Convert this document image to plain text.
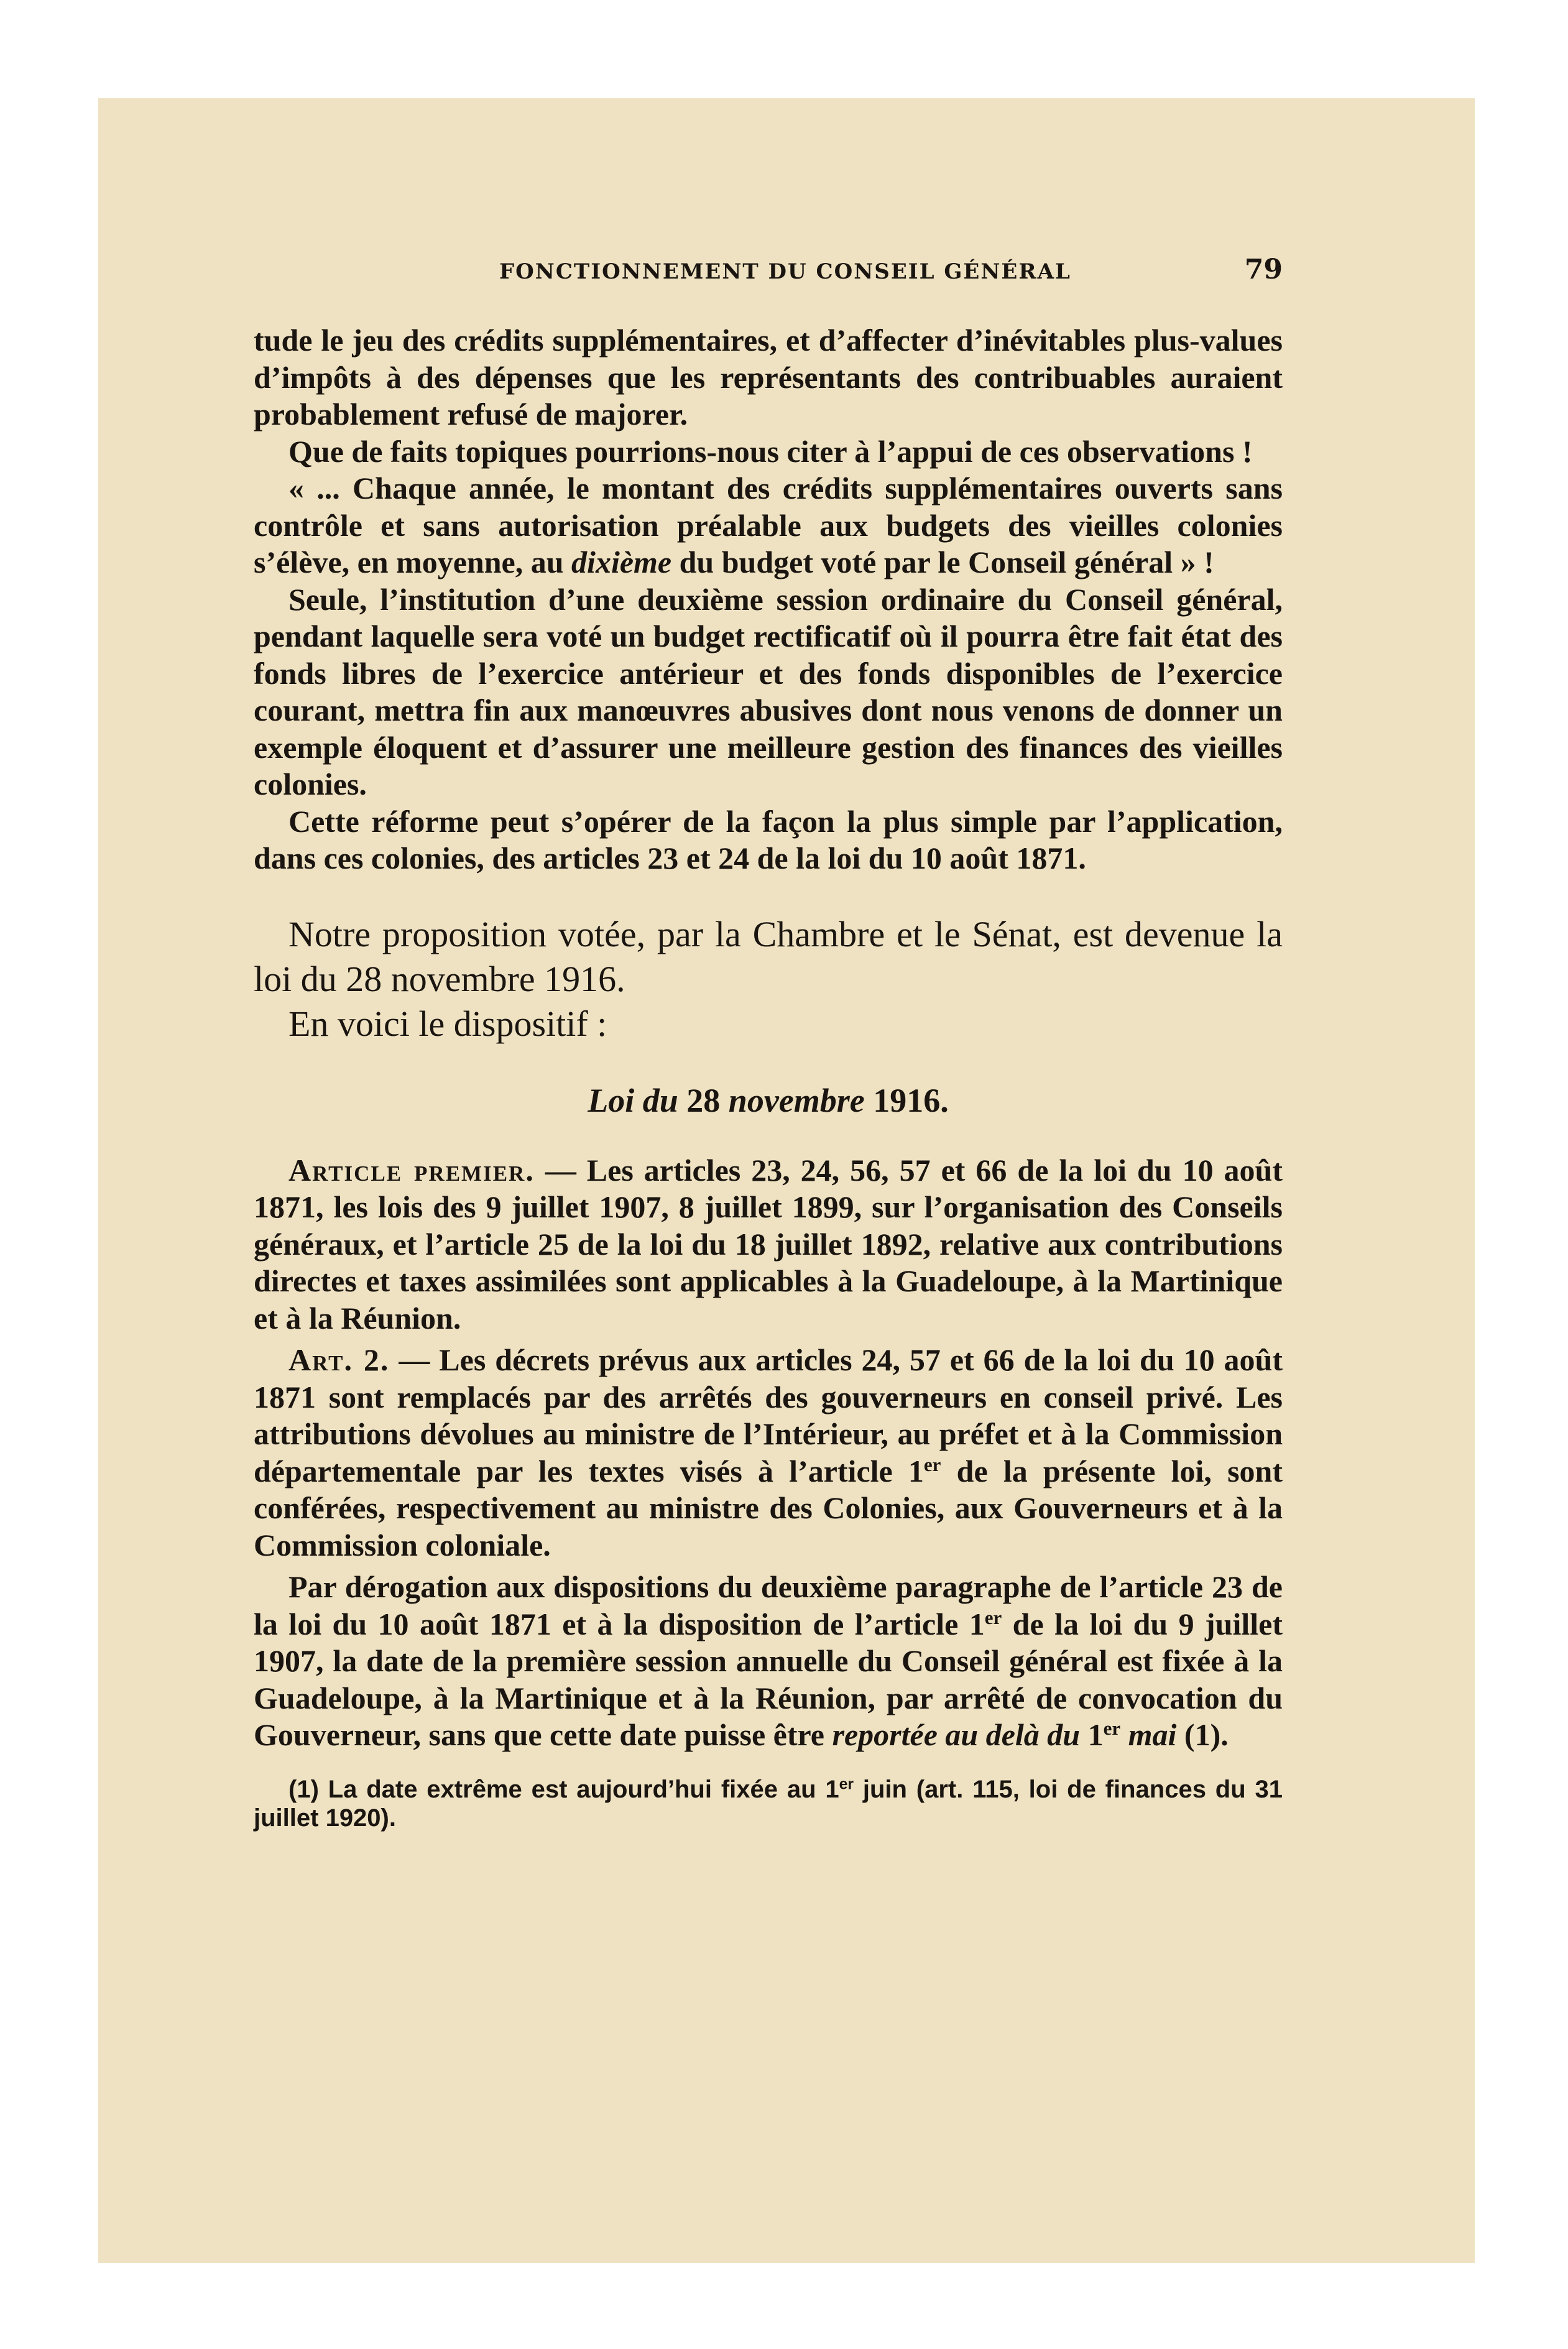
FONCTIONNEMENT DU CONSEIL GÉNÉRAL	79

tude le jeu des crédits supplémentaires, et d’affecter d’inévitables plus-values d’impôts à des dépenses que les représentants des contribuables auraient probablement refusé de majorer.

Que de faits topiques pourrions-nous citer à l’appui de ces observations !

« ... Chaque année, le montant des crédits supplémentaires ouverts sans contrôle et sans autorisation préalable aux budgets des vieilles colonies s’élève, en moyenne, au dixième du budget voté par le Conseil général » !

Seule, l’institution d’une deuxième session ordinaire du Conseil général, pendant laquelle sera voté un budget rectificatif où il pourra être fait état des fonds libres de l’exercice antérieur et des fonds disponibles de l’exercice courant, mettra fin aux manœuvres abusives dont nous venons de donner un exemple éloquent et d’assurer une meilleure gestion des finances des vieilles colonies.

Cette réforme peut s’opérer de la façon la plus simple par l’application, dans ces colonies, des articles 23 et 24 de la loi du 10 août 1871.

Notre proposition votée, par la Chambre et le Sénat, est devenue la loi du 28 novembre 1916.

En voici le dispositif :

Loi du 28 novembre 1916.

Article premier. — Les articles 23, 24, 56, 57 et 66 de la loi du 10 août 1871, les lois des 9 juillet 1907, 8 juillet 1899, sur l’organisation des Conseils généraux, et l’article 25 de la loi du 18 juillet 1892, relative aux contributions directes et taxes assimilées sont applicables à la Guadeloupe, à la Martinique et à la Réunion.

Art. 2. — Les décrets prévus aux articles 24, 57 et 66 de la loi du 10 août 1871 sont remplacés par des arrêtés des gouverneurs en conseil privé. Les attributions dévolues au ministre de l’Intérieur, au préfet et à la Commission départementale par les textes visés à l’article 1er de la présente loi, sont conférées, respectivement au ministre des Colonies, aux Gouverneurs et à la Commission coloniale.

Par dérogation aux dispositions du deuxième paragraphe de l’article 23 de la loi du 10 août 1871 et à la disposition de l’article 1er de la loi du 9 juillet 1907, la date de la première session annuelle du Conseil général est fixée à la Guadeloupe, à la Martinique et à la Réunion, par arrêté de convocation du Gouverneur, sans que cette date puisse être reportée au delà du 1er mai (1).

(1) La date extrême est aujourd’hui fixée au 1er juin (art. 115, loi de finances du 31 juillet 1920).
